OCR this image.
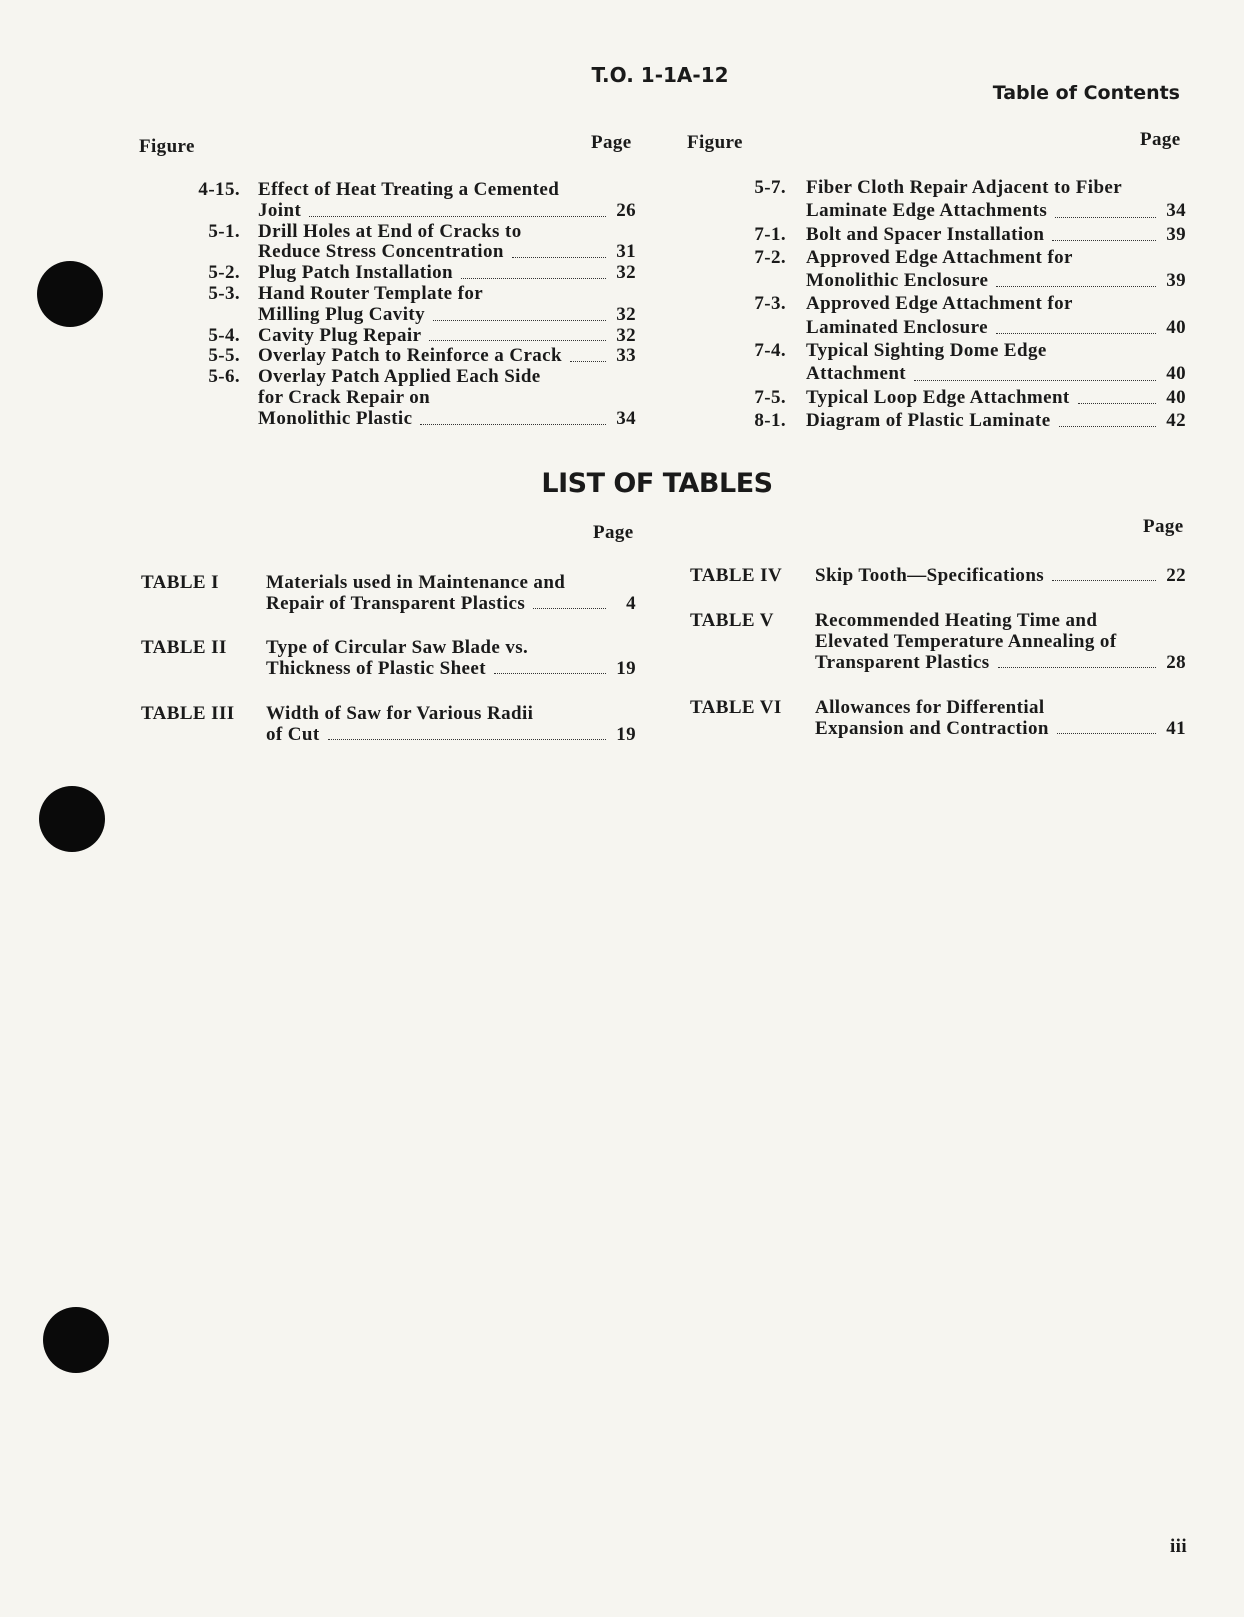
T.O. 1-1A-12
Table of Contents
Figure	Page	Figure	Page
4-15. Effect of Heat Treating a Cemented
Joint	26
5-1. Drill Holes at End of Cracks to
Reduce Stress Concentration	31
5-2. Plug Patch Installation	32
5-3. Hand Router Template for
Milling Plug Cavity	32
5-4. Cavity Plug Repair	32
5-5. Overlay Patch to Reinforce a Crack	33
5-6. Overlay Patch Applied Each Side
for Crack Repair on
Monolithic Plastic	34
5-7. Fiber Cloth Repair Adjacent to Fiber
Laminate Edge Attachments	34
7-1. Bolt and Spacer Installation	39
7-2. Approved Edge Attachment for
Monolithic Enclosure	39
7-3. Approved Edge Attachment for
Laminated Enclosure	40
7-4. Typical Sighting Dome Edge
Attachment	40
7-5. Typical Loop Edge Attachment	40
8-1. Diagram of Plastic Laminate	42
LIST OF TABLES
Page	Page
TABLE I Materials used in Maintenance and
Repair of Transparent Plastics	4
TABLE II Type of Circular Saw Blade vs.
Thickness of Plastic Sheet	19
TABLE III Width of Saw for Various Radii
of Cut	19
TABLE IV Skip Tooth—Specifications	22
TABLE V Recommended Heating Time and
Elevated Temperature Annealing of
Transparent Plastics	28
TABLE VI Allowances for Differential
Expansion and Contraction	41
iii
